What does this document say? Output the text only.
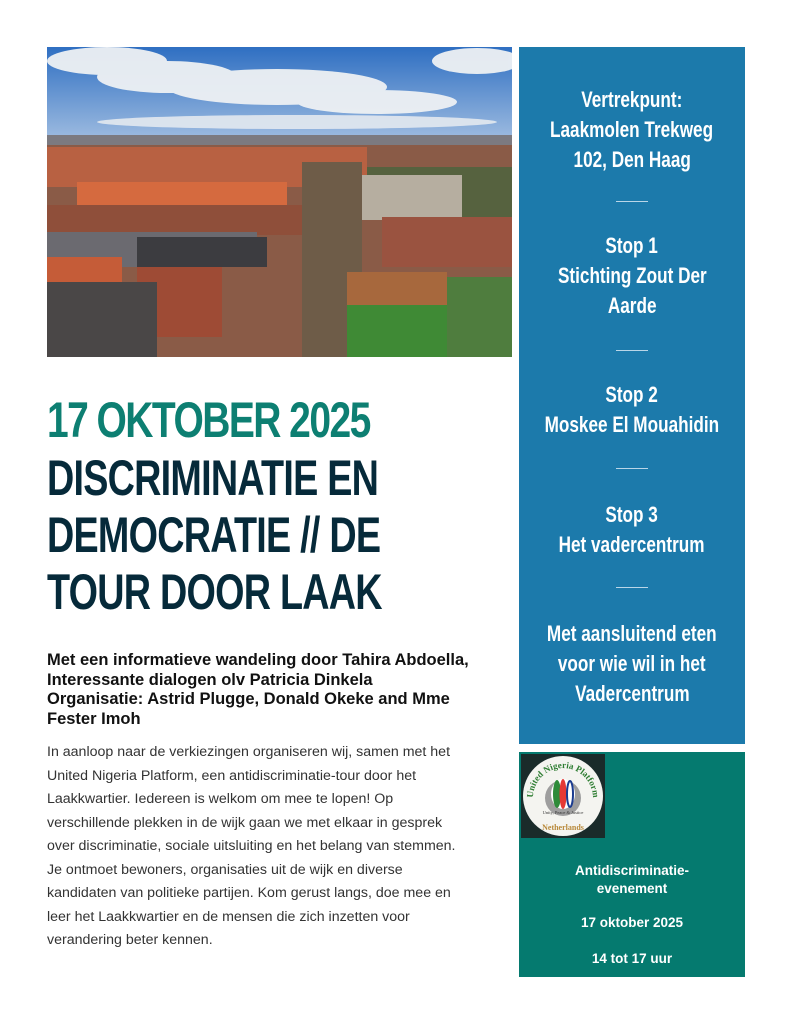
17 OKTOBER 2025
DISCRIMINATIE EN
DEMOCRATIE // DE
TOUR DOOR LAAK
Met een informatieve wandeling door Tahira Abdoella,
Interessante dialogen olv Patricia Dinkela
Organisatie: Astrid Plugge, Donald Okeke and Mme
Fester Imoh
In aanloop naar de verkiezingen organiseren wij, samen met het
United Nigeria Platform, een antidiscriminatie-tour door het
Laakkwartier. Iedereen is welkom om mee te lopen! Op
verschillende plekken in de wijk gaan we met elkaar in gesprek
over discriminatie, sociale uitsluiting en het belang van stemmen.
Je ontmoet bewoners, organisaties uit de wijk en diverse
kandidaten van politieke partijen. Kom gerust langs, doe mee en
leer het Laakkwartier en de mensen die zich inzetten voor
verandering beter kennen.
Vertrekpunt:
Laakmolen Trekweg
102, Den Haag
Stop 1
Stichting Zout Der
Aarde
Stop 2
Moskee El Mouahidin
Stop 3
Het vadercentrum
Met aansluitend eten
voor wie wil in het
Vadercentrum
United Nigeria Platform
Unity, Peace & Justice
Netherlands
Antidiscriminatie-
evenement
17 oktober 2025
14 tot 17 uur
